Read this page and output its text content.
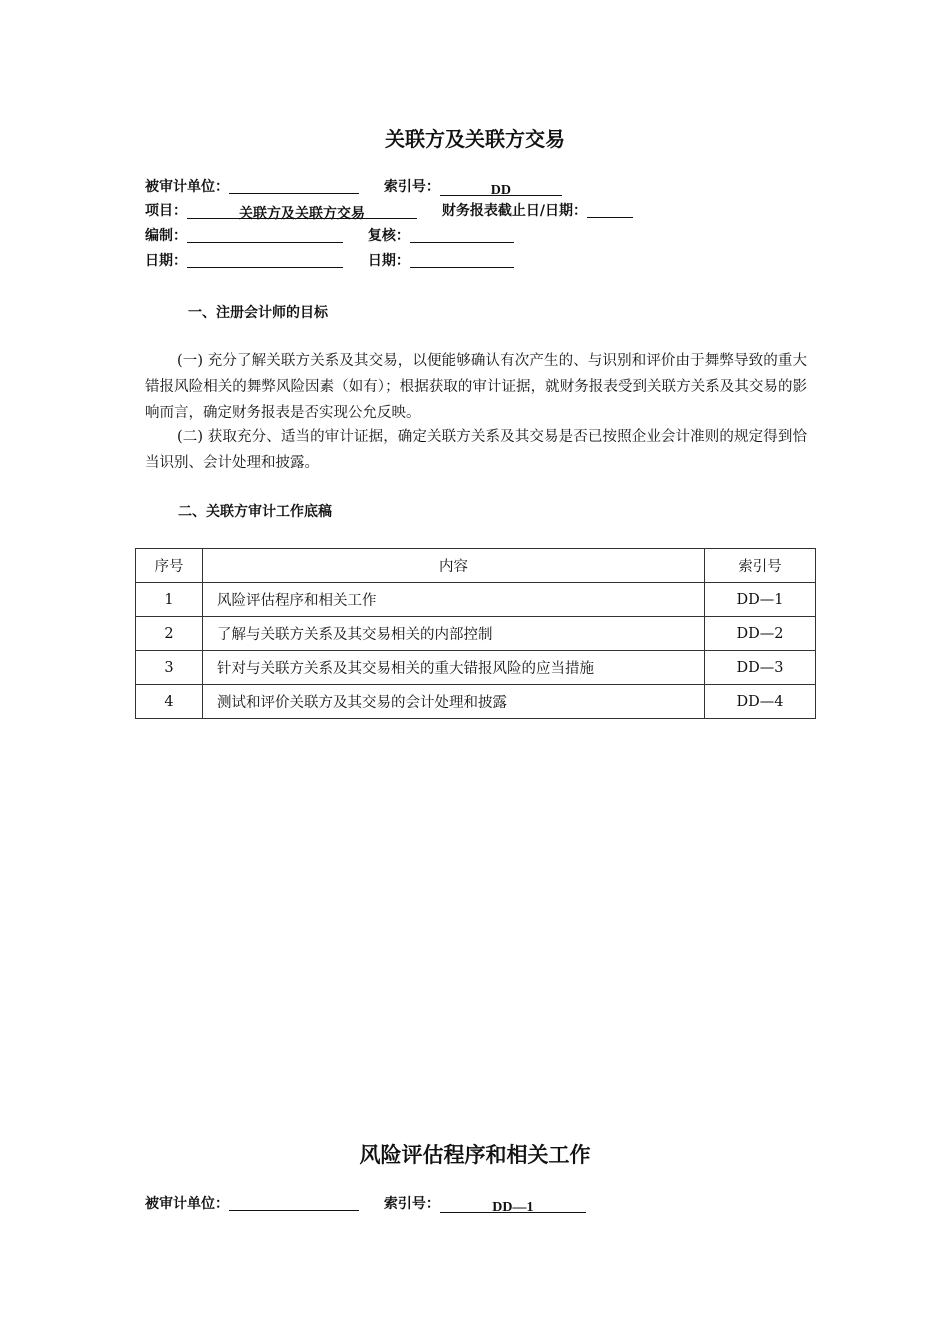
关联方及关联方交易
被审计单位：	索引号：	DD
项目：	关联方及关联方交易	财务报表截止日/日期：
编制：	复核：
日期：	日期：
一、注册会计师的目标
(一) 充分了解关联方关系及其交易，以便能够确认有次产生的、与识别和评价由于舞弊导致的重大错报风险相关的舞弊风险因素（如有）；根据获取的审计证据，就财务报表受到关联方关系及其交易的影响而言，确定财务报表是否实现公允反映。
(二) 获取充分、适当的审计证据，确定关联方关系及其交易是否已按照企业会计准则的规定得到恰当识别、会计处理和披露。
二、关联方审计工作底稿
序号	内容	索引号
1	风险评估程序和相关工作	DD—1
2	了解与关联方关系及其交易相关的内部控制	DD—2
3	针对与关联方关系及其交易相关的重大错报风险的应当措施	DD—3
4	测试和评价关联方及其交易的会计处理和披露	DD—4
风险评估程序和相关工作
被审计单位：	索引号：	DD—1
